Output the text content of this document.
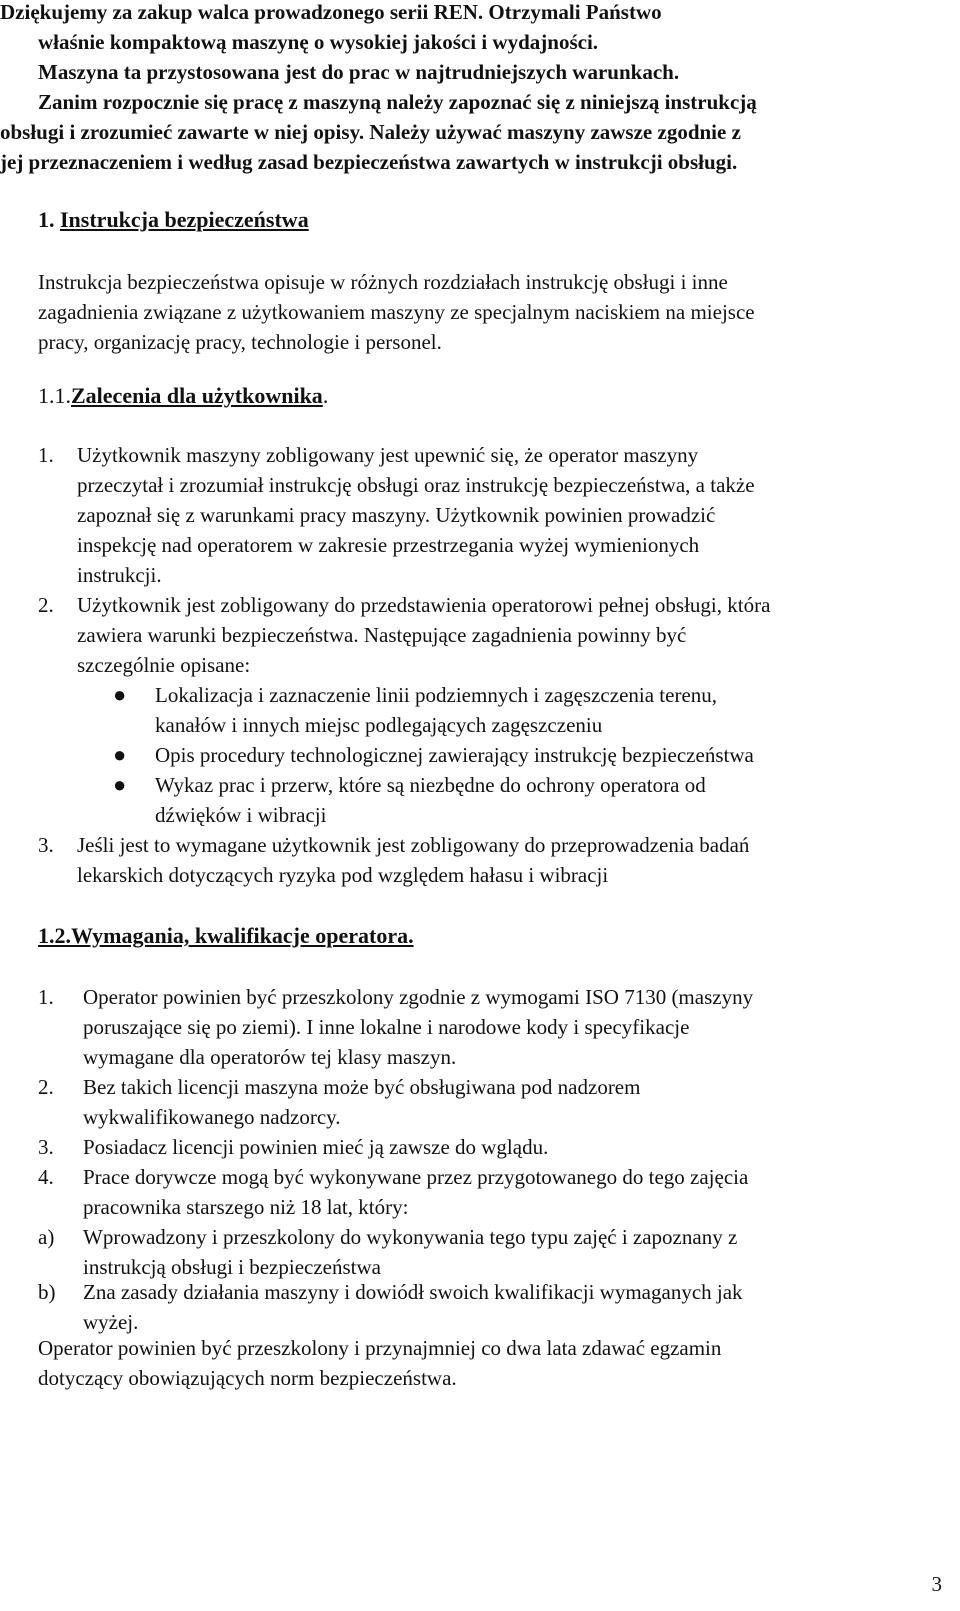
Dziękujemy za zakup walca prowadzonego serii REN. Otrzymali Państwo
właśnie kompaktową maszynę o wysokiej jakości i wydajności.
Maszyna ta przystosowana jest do prac w najtrudniejszych warunkach.
Zanim rozpocznie się pracę z maszyną należy zapoznać się z niniejszą instrukcją
obsługi i zrozumieć zawarte w niej opisy. Należy używać maszyny zawsze zgodnie z
jej przeznaczeniem i według zasad bezpieczeństwa zawartych w instrukcji obsługi.
1. Instrukcja bezpieczeństwa
Instrukcja bezpieczeństwa opisuje w różnych rozdziałach instrukcję obsługi i inne
zagadnienia związane z użytkowaniem maszyny ze specjalnym naciskiem na miejsce
pracy, organizację pracy, technologie i personel.
1.1.Zalecenia dla użytkownika.
1. Użytkownik maszyny zobligowany jest upewnić się, że operator maszyny
przeczytał i zrozumiał instrukcję obsługi oraz instrukcję bezpieczeństwa, a także
zapoznał się z warunkami pracy maszyny. Użytkownik powinien prowadzić
inspekcję nad operatorem w zakresie przestrzegania wyżej wymienionych
instrukcji.
2. Użytkownik jest zobligowany do przedstawienia operatorowi pełnej obsługi, która
zawiera warunki bezpieczeństwa. Następujące zagadnienia powinny być
szczególnie opisane:
● Lokalizacja i zaznaczenie linii podziemnych i zagęszczenia terenu,
kanałów i innych miejsc podlegających zagęszczeniu
● Opis procedury technologicznej zawierający instrukcję bezpieczeństwa
● Wykaz prac i przerw, które są niezbędne do ochrony operatora od
dźwięków i wibracji
3. Jeśli jest to wymagane użytkownik jest zobligowany do przeprowadzenia badań
lekarskich dotyczących ryzyka pod względem hałasu i wibracji
1.2.Wymagania, kwalifikacje operatora.
1. Operator powinien być przeszkolony zgodnie z wymogami ISO 7130 (maszyny
poruszające się po ziemi). I inne lokalne i narodowe kody i specyfikacje
wymagane dla operatorów tej klasy maszyn.
2. Bez takich licencji maszyna może być obsługiwana pod nadzorem
wykwalifikowanego nadzorcy.
3. Posiadacz licencji powinien mieć ją zawsze do wglądu.
4. Prace dorywcze mogą być wykonywane przez przygotowanego do tego zajęcia
pracownika starszego niż 18 lat, który:
a) Wprowadzony i przeszkolony do wykonywania tego typu zajęć i zapoznany z
instrukcją obsługi i bezpieczeństwa
b) Zna zasady działania maszyny i dowiódł swoich kwalifikacji wymaganych jak
wyżej.
Operator powinien być przeszkolony i przynajmniej co dwa lata zdawać egzamin
dotyczący obowiązujących norm bezpieczeństwa.
3
